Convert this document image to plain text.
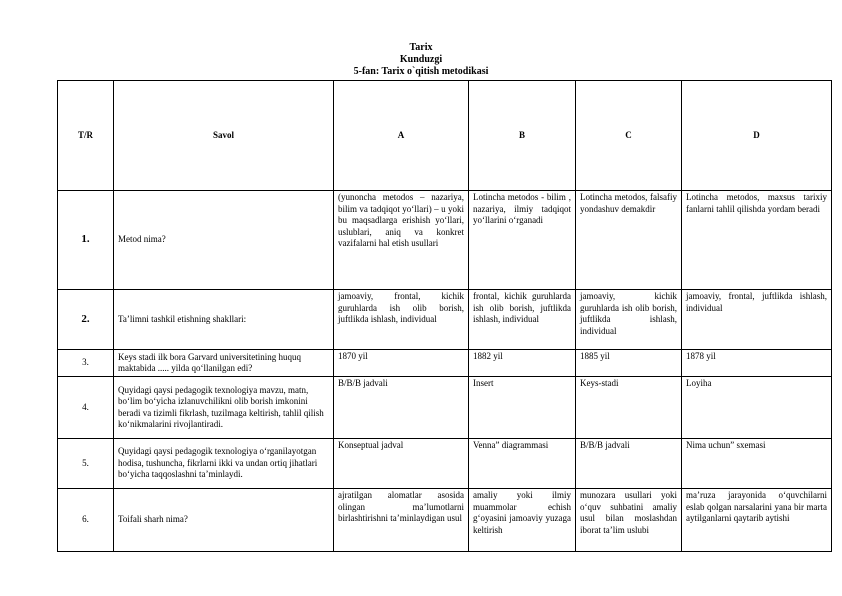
Tarix
Kunduzgi
5-fan: Tarix o`qitish metodikasi
T/R	Savol	A	B	C	D
1.	Metod nima?	(yunoncha metodos – nazariya, bilim va tadqiqot yo‘llari) – u yoki bu maqsadlarga erishish yo‘llari, uslublari, aniq va konkret vazifalarni hal etish usullari	Lotincha metodos - bilim , nazariya, ilmiy tadqiqot yo‘llarini o‘rganadi	Lotincha metodos, falsafiy yondashuv demakdir	Lotincha metodos, maxsus tarixiy fanlarni tahlil qilishda yordam beradi
2.	Ta’limni tashkil etishning shakllari:	jamoaviy, frontal, kichik guruhlarda ish olib borish, juftlikda ishlash, individual	frontal, kichik guruhlarda ish olib borish, juftlikda ishlash, individual	jamoaviy, kichik guruhlarda ish olib borish, juftlikda ishlash, individual	jamoaviy, frontal, juftlikda ishlash, individual
3.	Keys stadi ilk bora Garvard universitetining huquq maktabida ..... yilda qo‘llanilgan edi?	1870 yil	1882 yil	1885 yil	1878 yil
4.	Quyidagi qaysi pedagogik texnologiya mavzu, matn, bo‘lim bo‘yicha izlanuvchilikni olib borish imkonini beradi va tizimli fikrlash, tuzilmaga keltirish, tahlil qilish ko‘nikmalarini rivojlantiradi.	B/B/B jadvali	Insert	Keys-stadi	Loyiha
5.	Quyidagi qaysi pedagogik texnologiya o‘rganilayotgan hodisa, tushuncha, fikrlarni ikki va undan ortiq jihatlari bo‘yicha taqqoslashni ta’minlaydi.	Konseptual jadval	Venna” diagrammasi	B/B/B jadvali	Nima uchun” sxemasi
6.	Toifali sharh nima?	ajratilgan alomatlar asosida olingan ma’lumotlarni birlashtirishni ta’minlaydigan usul	amaliy yoki ilmiy muammolar echish g‘oyasini jamoaviy yuzaga keltirish	munozara usullari yoki o‘quv suhbatini amaliy usul bilan moslashdan iborat ta’lim uslubi	ma’ruza jarayonida o‘quvchilarni eslab qolgan narsalarini yana bir marta aytilganlarni qaytarib aytishi
